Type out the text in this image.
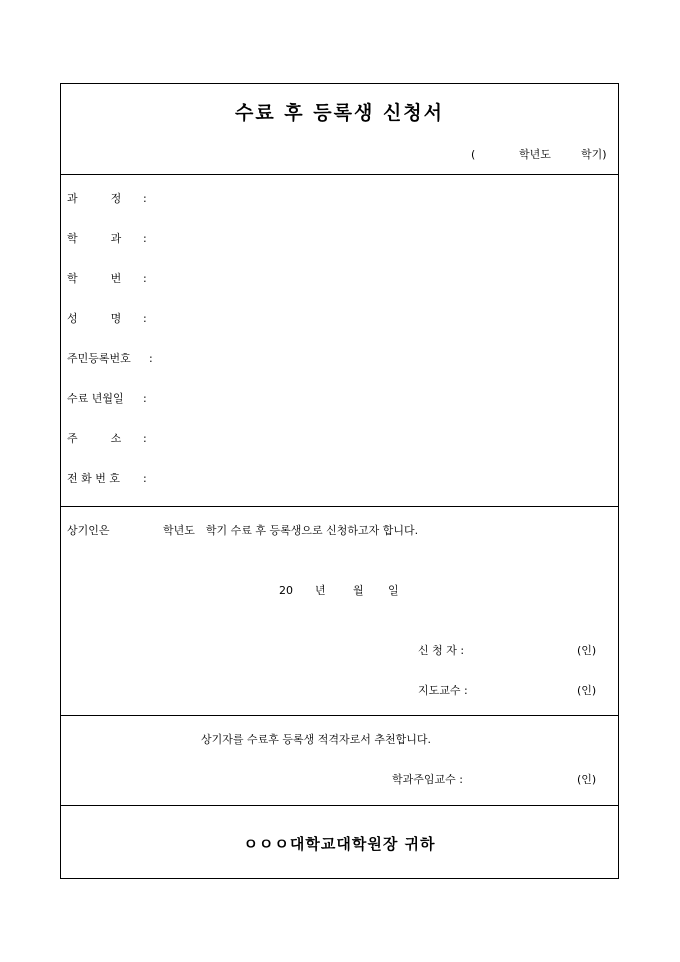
수료 후 등록생 신청서
(	학년도	학기)
과　　　정 :
학　　　과 :
학　　　번 :
성　　　명 :
주민등록번호 :
수료 년월일 :
주　　　소 :
전 화 번 호 :
상기인은	학년도　학기 수료 후 등록생으로 신청하고자 합니다.
20 년 월 일
신 청 자 :	(인)
지도교수 :	(인)
상기자를 수료후 등록생 적격자로서 추천합니다.
학과주임교수 :	(인)
ㅇㅇㅇ대학교대학원장 귀하
